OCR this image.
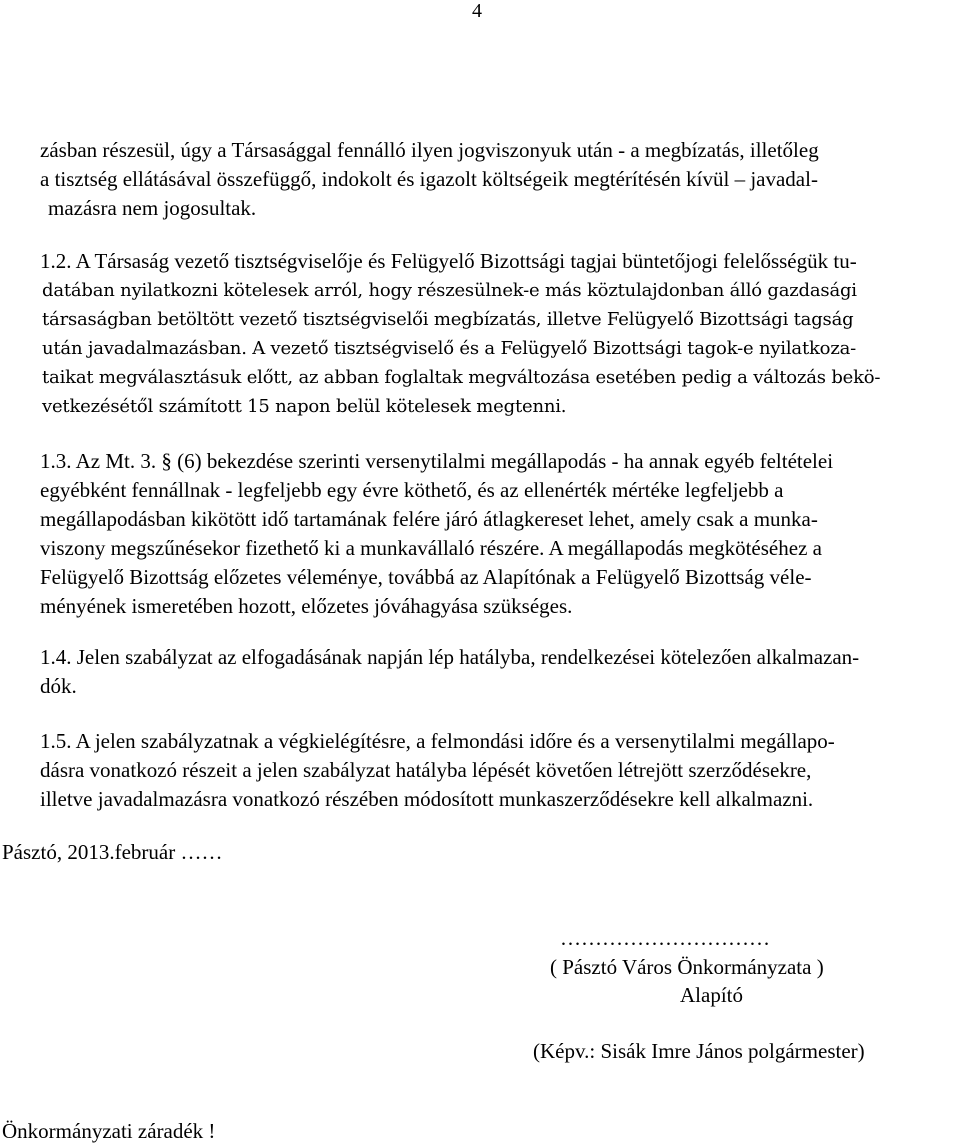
4
zásban részesül, úgy a Társasággal fennálló ilyen jogviszonyuk után - a megbízatás, illetőleg
a tisztség ellátásával összefüggő, indokolt és igazolt költségeik megtérítésén kívül – javadal-
mazásra nem jogosultak.
1.2. A Társaság vezető tisztségviselője és Felügyelő Bizottsági tagjai büntetőjogi felelősségük tu-
datában nyilatkozni kötelesek arról, hogy részesülnek-e más köztulajdonban álló gazdasági
társaságban betöltött vezető tisztségviselői megbízatás, illetve Felügyelő Bizottsági tagság
után javadalmazásban. A vezető tisztségviselő és a Felügyelő Bizottsági tagok-e nyilatkoza-
taikat megválasztásuk előtt, az abban foglaltak megváltozása esetében pedig a változás bekö-
vetkezésétől számított 15 napon belül kötelesek megtenni.
1.3. Az Mt. 3. § (6) bekezdése szerinti versenytilalmi megállapodás - ha annak egyéb feltételei
egyébként fennállnak - legfeljebb egy évre köthető, és az ellenérték mértéke legfeljebb a
megállapodásban kikötött idő tartamának felére járó átlagkereset lehet, amely csak a munka-
viszony megszűnésekor fizethető ki a munkavállaló részére. A megállapodás megkötéséhez a
Felügyelő Bizottság előzetes véleménye, továbbá az Alapítónak a Felügyelő Bizottság véle-
ményének ismeretében hozott, előzetes jóváhagyása szükséges.
1.4. Jelen szabályzat az elfogadásának napján lép hatályba, rendelkezései kötelezően alkalmazan-
dók.
1.5. A jelen szabályzatnak a végkielégítésre, a felmondási időre és a versenytilalmi megállapo-
dásra vonatkozó részeit a jelen szabályzat hatályba lépését követően létrejött szerződésekre,
illetve javadalmazásra vonatkozó részében módosított munkaszerződésekre kell alkalmazni.
Pásztó, 2013.február ……
…………………………
( Pásztó Város Önkormányzata )
Alapító
(Képv.: Sisák Imre János polgármester)
Önkormányzati záradék !
